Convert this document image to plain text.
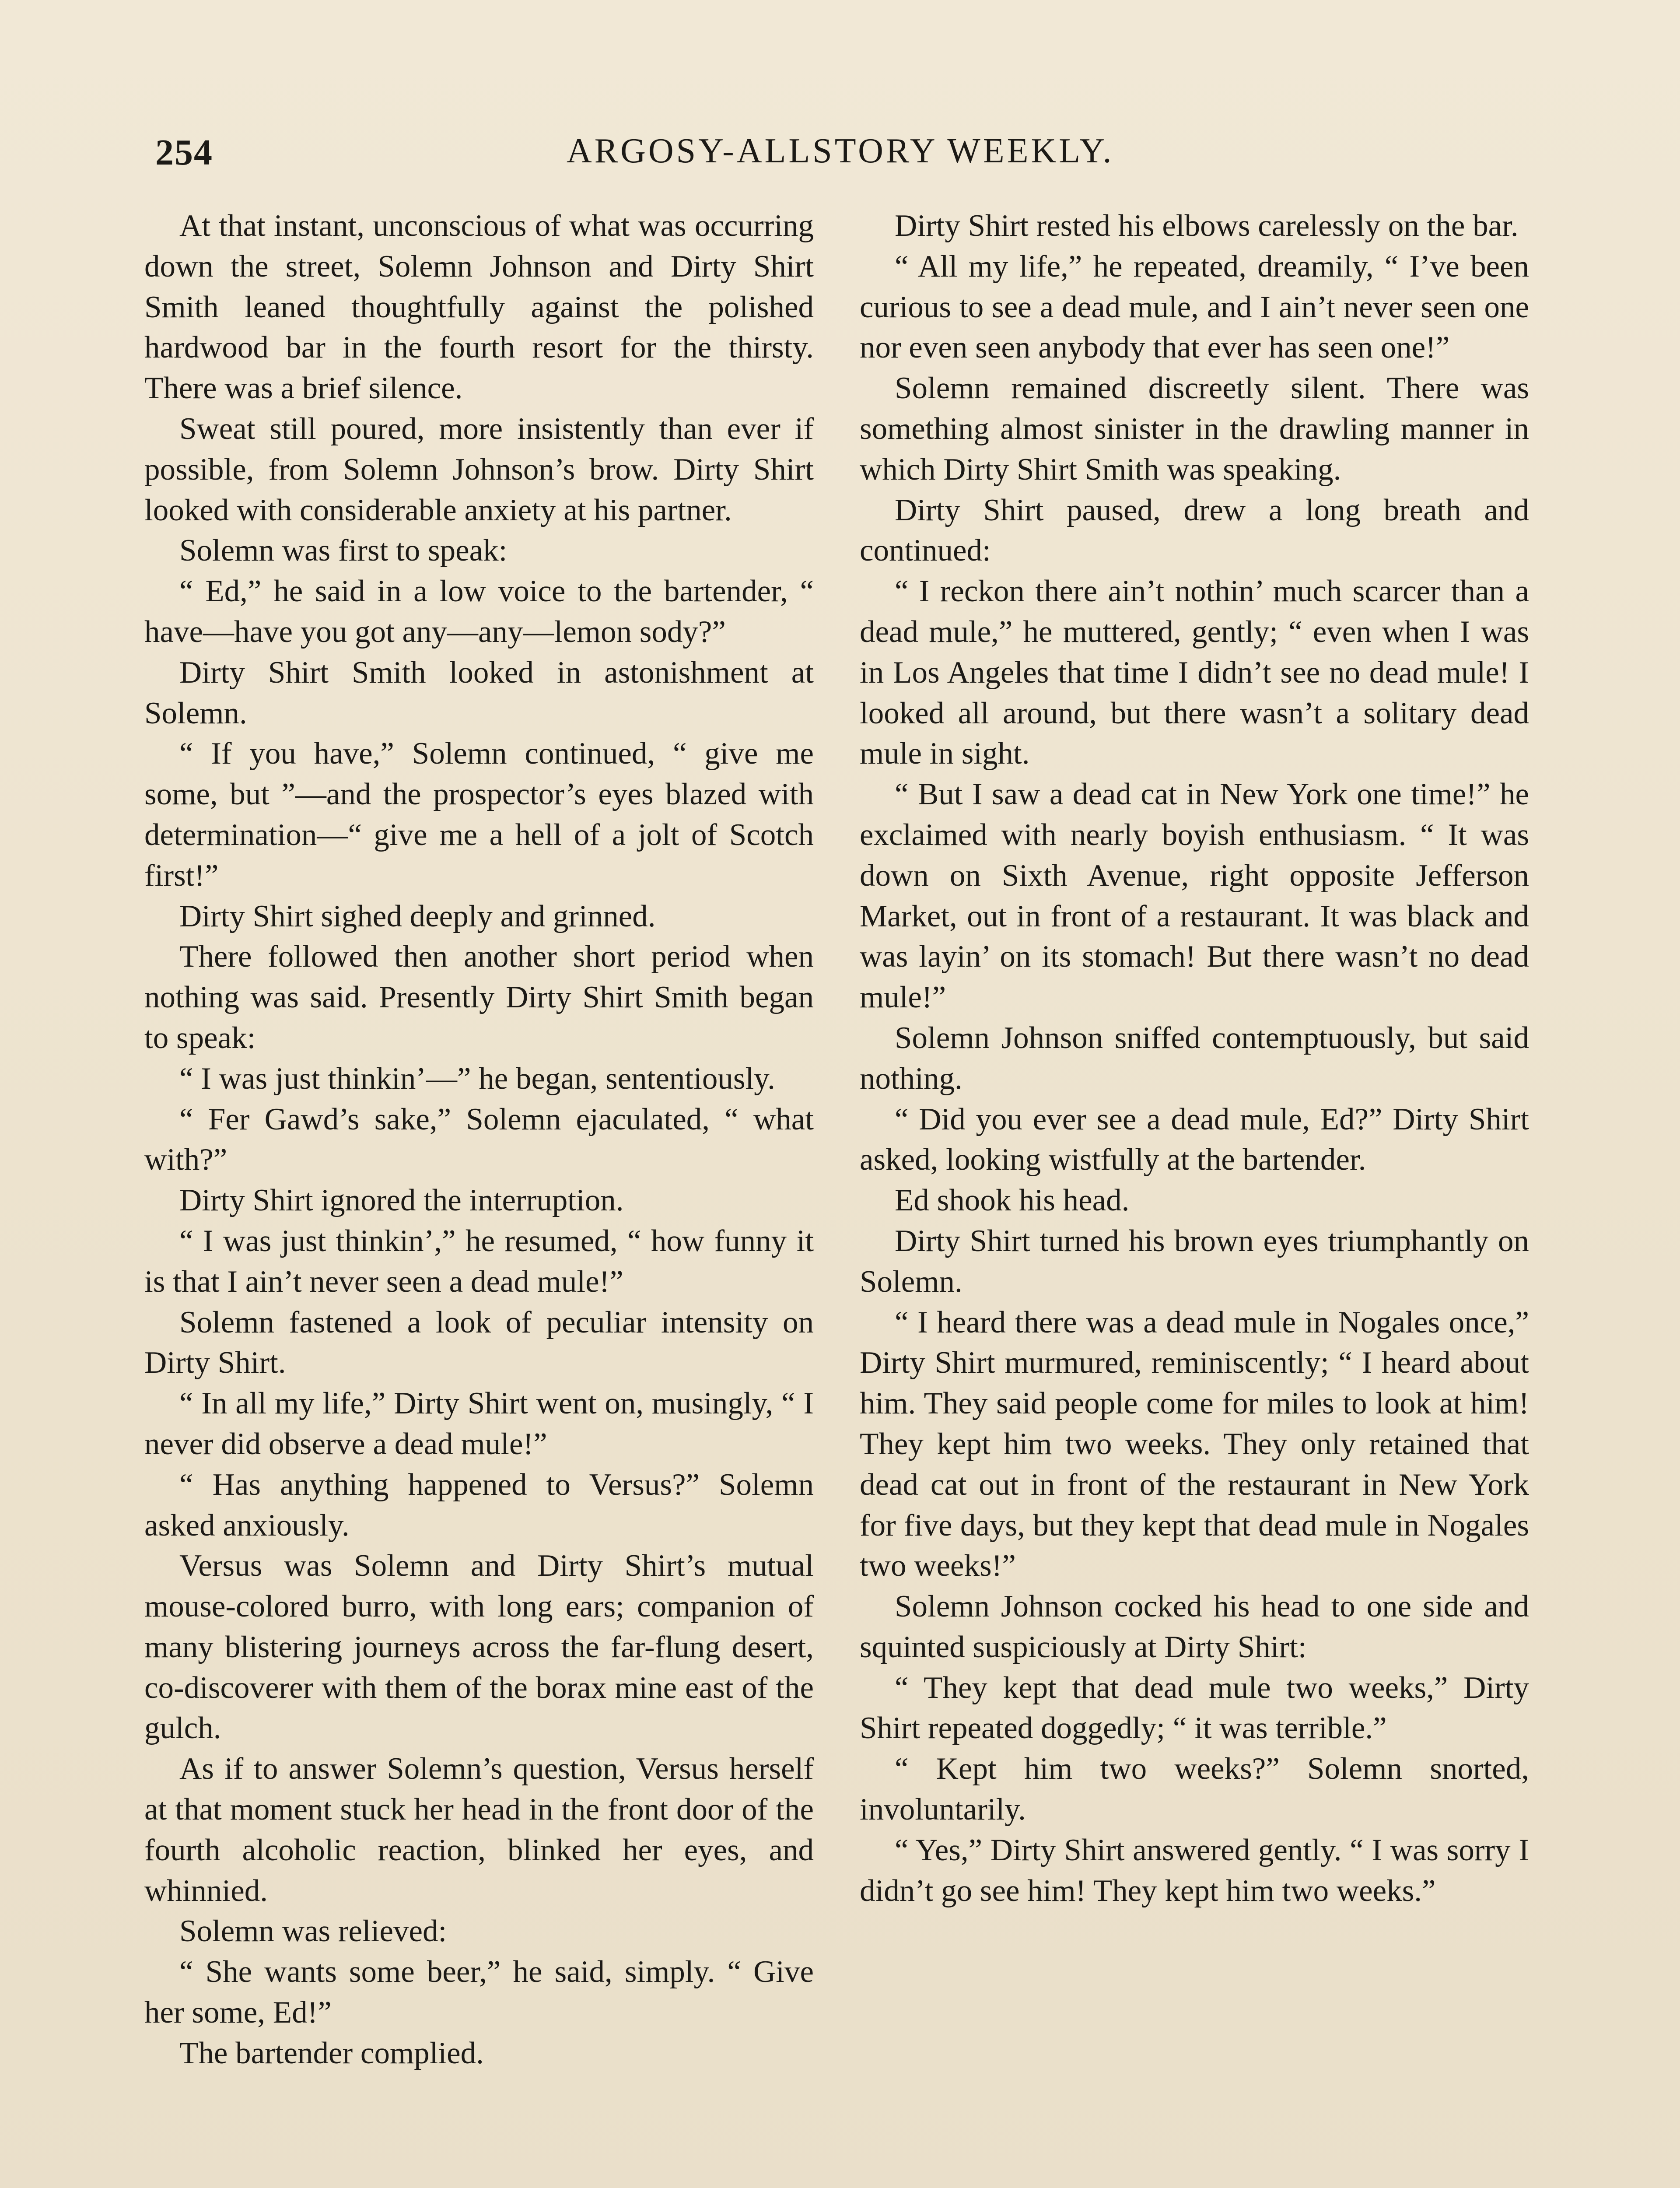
254	ARGOSY-ALLSTORY WEEKLY.

At that instant, unconscious of what was occurring down the street, Solemn Johnson and Dirty Shirt Smith leaned thoughtfully against the polished hardwood bar in the fourth resort for the thirsty. There was a brief silence.

Sweat still poured, more insistently than ever if possible, from Solemn Johnson’s brow. Dirty Shirt looked with considerable anxiety at his partner.

Solemn was first to speak:

“ Ed,” he said in a low voice to the bartender, “ have—have you got any—any—lemon sody?”

Dirty Shirt Smith looked in astonishment at Solemn.

“ If you have,” Solemn continued, “ give me some, but ”—and the prospector’s eyes blazed with determination—“ give me a hell of a jolt of Scotch first!”

Dirty Shirt sighed deeply and grinned.

There followed then another short period when nothing was said. Presently Dirty Shirt Smith began to speak:

“ I was just thinkin’—” he began, sententiously.

“ Fer Gawd’s sake,” Solemn ejaculated, “ what with?”

Dirty Shirt ignored the interruption.

“ I was just thinkin’,” he resumed, “ how funny it is that I ain’t never seen a dead mule!”

Solemn fastened a look of peculiar intensity on Dirty Shirt.

“ In all my life,” Dirty Shirt went on, musingly, “ I never did observe a dead mule!”

“ Has anything happened to Versus?” Solemn asked anxiously.

Versus was Solemn and Dirty Shirt’s mutual mouse-colored burro, with long ears; companion of many blistering journeys across the far-flung desert, co-discoverer with them of the borax mine east of the gulch.

As if to answer Solemn’s question, Versus herself at that moment stuck her head in the front door of the fourth alcoholic reaction, blinked her eyes, and whinnied.

Solemn was relieved:

“ She wants some beer,” he said, simply. “ Give her some, Ed!”

The bartender complied.

Dirty Shirt rested his elbows carelessly on the bar.

“ All my life,” he repeated, dreamily, “ I’ve been curious to see a dead mule, and I ain’t never seen one nor even seen anybody that ever has seen one!”

Solemn remained discreetly silent. There was something almost sinister in the drawling manner in which Dirty Shirt Smith was speaking.

Dirty Shirt paused, drew a long breath and continued:

“ I reckon there ain’t nothin’ much scarcer than a dead mule,” he muttered, gently; “ even when I was in Los Angeles that time I didn’t see no dead mule! I looked all around, but there wasn’t a solitary dead mule in sight.

“ But I saw a dead cat in New York one time!” he exclaimed with nearly boyish enthusiasm. “ It was down on Sixth Avenue, right opposite Jefferson Market, out in front of a restaurant. It was black and was layin’ on its stomach! But there wasn’t no dead mule!”

Solemn Johnson sniffed contemptuously, but said nothing.

“ Did you ever see a dead mule, Ed?” Dirty Shirt asked, looking wistfully at the bartender.

Ed shook his head.

Dirty Shirt turned his brown eyes triumphantly on Solemn.

“ I heard there was a dead mule in Nogales once,” Dirty Shirt murmured, reminiscently; “ I heard about him. They said people come for miles to look at him! They kept him two weeks. They only retained that dead cat out in front of the restaurant in New York for five days, but they kept that dead mule in Nogales two weeks!”

Solemn Johnson cocked his head to one side and squinted suspiciously at Dirty Shirt:

“ They kept that dead mule two weeks,” Dirty Shirt repeated doggedly; “ it was terrible.”

“ Kept him two weeks?” Solemn snorted, involuntarily.

“ Yes,” Dirty Shirt answered gently. “ I was sorry I didn’t go see him! They kept him two weeks.”
